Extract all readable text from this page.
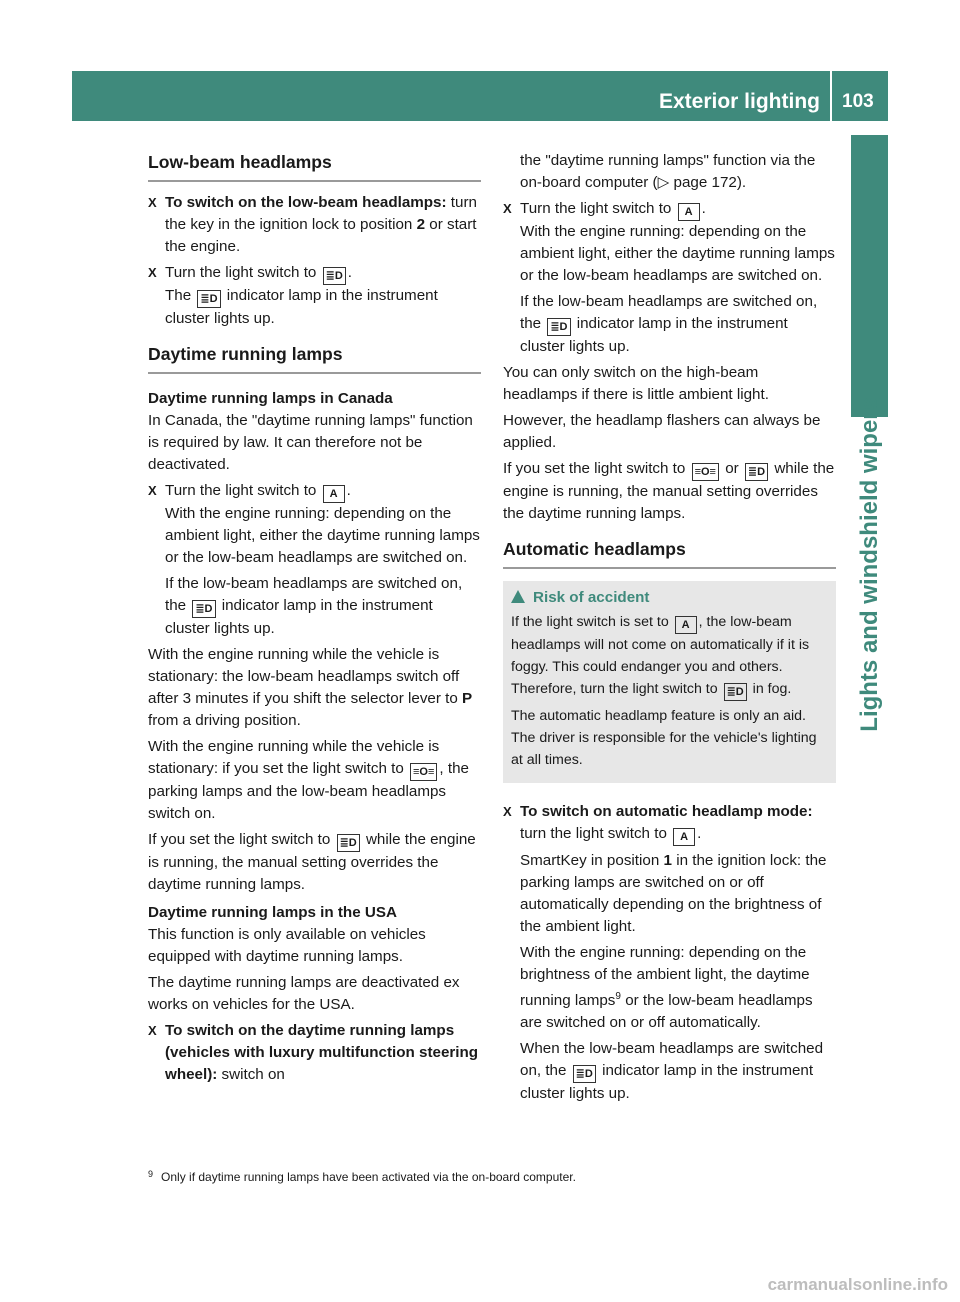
Exterior lighting 103
Lights and windshield wipers
Low-beam headlamps

X To switch on the low-beam headlamps: turn the key in the ignition lock to position 2 or start the engine.

X Turn the light switch to ≣D .
The ≣D indicator lamp in the instrument cluster lights up.

Daytime running lamps
Daytime running lamps in Canada

In Canada, the "daytime running lamps" function is required by law. It can therefore not be deactivated.

X Turn the light switch to A .
With the engine running: depending on the ambient light, either the daytime running lamps or the low-beam headlamps are switched on.

If the low-beam headlamps are switched on, the ≣D indicator lamp in the instrument cluster lights up.

With the engine running while the vehicle is stationary: the low-beam headlamps switch off after 3 minutes if you shift the selector lever to P from a driving position.

With the engine running while the vehicle is stationary: if you set the light switch to ≡O≡ , the parking lamps and the low-beam headlamps switch on.

If you set the light switch to ≣D while the engine is running, the manual setting overrides the daytime running lamps.

Daytime running lamps in the USA

This function is only available on vehicles equipped with daytime running lamps.

The daytime running lamps are deactivated ex works on vehicles for the USA.

X To switch on the daytime running lamps (vehicles with luxury multifunction steering wheel): switch on

the "daytime running lamps" function via the on-board computer (▷ page 172).

X Turn the light switch to A .
With the engine running: depending on the ambient light, either the daytime running lamps or the low-beam headlamps are switched on.

If the low-beam headlamps are switched on, the ≣D indicator lamp in the instrument cluster lights up.

You can only switch on the high-beam headlamps if there is little ambient light.

However, the headlamp flashers can always be applied.

If you set the light switch to ≡O≡ or ≣D while the engine is running, the manual setting overrides the daytime running lamps.

Automatic headlamps
Risk of accident

If the light switch is set to A , the low-beam headlamps will not come on automatically if it is foggy. This could endanger you and others. Therefore, turn the light switch to ≣D in fog.

The automatic headlamp feature is only an aid. The driver is responsible for the vehicle's lighting at all times.

X To switch on automatic headlamp mode: turn the light switch to A .

SmartKey in position 1 in the ignition lock: the parking lamps are switched on or off automatically depending on the brightness of the ambient light.

With the engine running: depending on the brightness of the ambient light, the daytime running lamps$^9$ or the low-beam headlamps are switched on or off automatically.

When the low-beam headlamps are switched on, the ≣D indicator lamp in the instrument cluster lights up.

$^9$ Only if daytime running lamps have been activated via the on-board computer.
carmanualsonline.info
